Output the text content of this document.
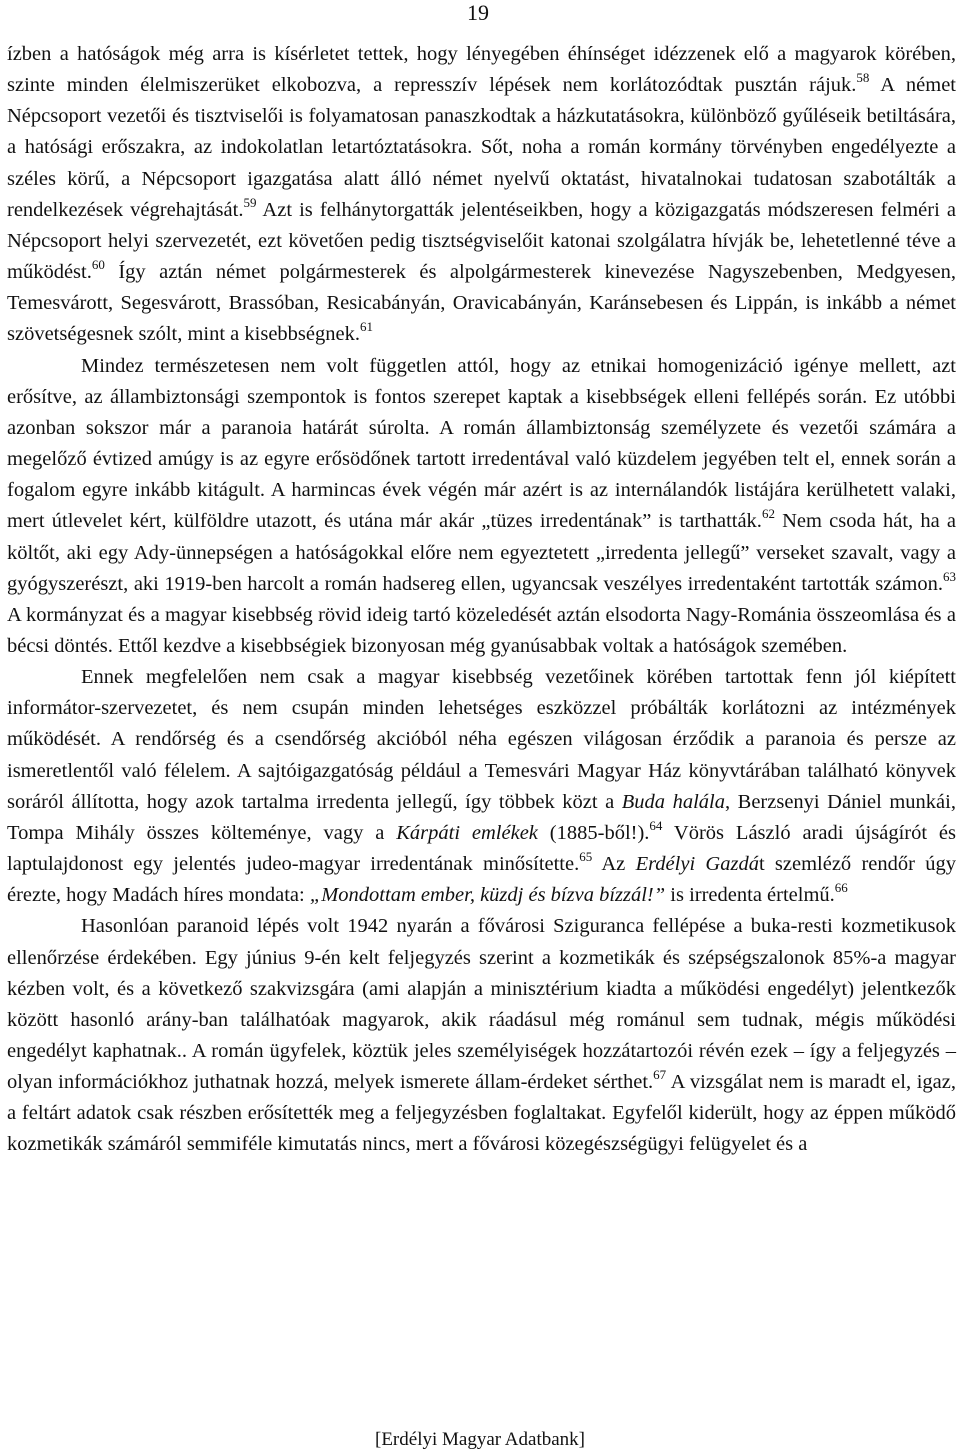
19

ízben a hatóságok még arra is kísérletet tettek, hogy lényegében éhínséget idézzenek elő a magyarok körében, szinte minden élelmiszerüket elkobozva, a represszív lépések nem korlátozódtak pusztán rájuk.$^{58}$ A német Népcsoport vezetői és tisztviselői is folyamatosan panaszkodtak a házkutatásokra, különböző gyűléseik betiltására, a hatósági erőszakra, az indokolatlan letartóztatásokra. Sőt, noha a román kormány törvényben engedélyezte a széles körű, a Népcsoport igazgatása alatt álló német nyelvű oktatást, hivatalnokai tudatosan szabotálták a rendelkezések végrehajtását.$^{59}$ Azt is felhánytorgatták jelentéseikben, hogy a közigazgatás módszeresen felméri a Népcsoport helyi szervezetét, ezt követően pedig tisztségviselőit katonai szolgálatra hívják be, lehetetlenné téve a működést.$^{60}$ Így aztán német polgármesterek és alpolgármesterek kinevezése Nagyszebenben, Medgyesen, Temesvárott, Segesvárott, Brassóban, Resicabányán, Oravicabányán, Karánsebesen és Lippán, is inkább a német szövetségesnek szólt, mint a kisebbségnek.$^{61}$

Mindez természetesen nem volt független attól, hogy az etnikai homogenizáció igénye mellett, azt erősítve, az állambiztonsági szempontok is fontos szerepet kaptak a kisebbségek elleni fellépés során. Ez utóbbi azonban sokszor már a paranoia határát súrolta. A román állambiztonság személyzete és vezetői számára a megelőző évtized amúgy is az egyre erősödőnek tartott irredentával való küzdelem jegyében telt el, ennek során a fogalom egyre inkább kitágult. A harmincas évek végén már azért is az internálandók listájára kerülhetett valaki, mert útlevelet kért, külföldre utazott, és utána már akár „tüzes irredentának” is tarthatták.$^{62}$ Nem csoda hát, ha a költőt, aki egy Ady-ünnepségen a hatóságokkal előre nem egyeztetett „irredenta jellegű” verseket szavalt, vagy a gyógyszerészt, aki 1919-ben harcolt a román hadsereg ellen, ugyancsak veszélyes irredentaként tartották számon.$^{63}$ A kormányzat és a magyar kisebbség rövid ideig tartó közeledését aztán elsodorta Nagy-Románia összeomlása és a bécsi döntés. Ettől kezdve a kisebbségiek bizonyosan még gyanúsabbak voltak a hatóságok szemében.

Ennek megfelelően nem csak a magyar kisebbség vezetőinek körében tartottak fenn jól kiépített informátor-szervezetet, és nem csupán minden lehetséges eszközzel próbálták korlátozni az intézmények működését. A rendőrség és a csendőrség akcióból néha egészen világosan érződik a paranoia és persze az ismeretlentől való félelem. A sajtóigazgatóság például a Temesvári Magyar Ház könyvtárában található könyvek soráról állította, hogy azok tartalma irredenta jellegű, így többek közt a Buda halála, Berzsenyi Dániel munkái, Tompa Mihály összes költeménye, vagy a Kárpáti emlékek (1885-ből!).$^{64}$ Vörös László aradi újságírót és laptulajdonost egy jelentés judeo-magyar irredentának minősítette.$^{65}$ Az Erdélyi Gazdát szemléző rendőr úgy érezte, hogy Madách híres mondata: „Mondottam ember, küzdj és bízva bízzál!” is irredenta értelmű.$^{66}$

Hasonlóan paranoid lépés volt 1942 nyarán a fővárosi Sziguranca fellépése a buka-resti kozmetikusok ellenőrzése érdekében. Egy június 9-én kelt feljegyzés szerint a kozmetikák és szépségszalonok 85%-a magyar kézben volt, és a következő szakvizsgára (ami alapján a minisztérium kiadta a működési engedélyt) jelentkezők között hasonló arány-ban találhatóak magyarok, akik ráadásul még románul sem tudnak, mégis működési engedélyt kaphatnak.. A román ügyfelek, köztük jeles személyiségek hozzátartozói révén ezek – így a feljegyzés – olyan információkhoz juthatnak hozzá, melyek ismerete állam-érdeket sérthet.$^{67}$ A vizsgálat nem is maradt el, igaz, a feltárt adatok csak részben erősítették meg a feljegyzésben foglaltakat. Egyfelől kiderült, hogy az éppen működő kozmetikák számáról semmiféle kimutatás nincs, mert a fővárosi közegészségügyi felügyelet és a

[Erdélyi Magyar Adatbank]
